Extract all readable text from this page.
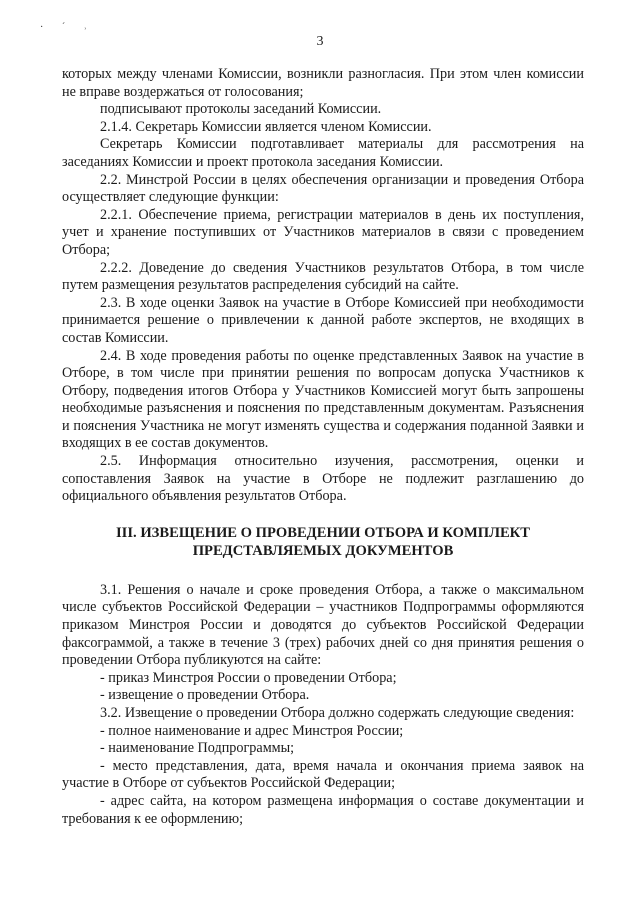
· ˊ ˒
3

которых между членами Комиссии, возникли разногласия. При этом член комиссии не вправе воздержаться от голосования;

подписывают протоколы заседаний Комиссии.

2.1.4. Секретарь Комиссии является членом Комиссии.

Секретарь Комиссии подготавливает материалы для рассмотрения на заседаниях Комиссии и проект протокола заседания Комиссии.

2.2. Минстрой России в целях обеспечения организации и проведения Отбора осуществляет следующие функции:

2.2.1. Обеспечение приема, регистрации материалов в день их поступления, учет и хранение поступивших от Участников материалов в связи с проведением Отбора;

2.2.2. Доведение до сведения Участников результатов Отбора, в том числе путем размещения результатов распределения субсидий на сайте.

2.3. В ходе оценки Заявок на участие в Отборе Комиссией при необходимости принимается решение о привлечении к данной работе экспертов, не входящих в состав Комиссии.

2.4. В ходе проведения работы по оценке представленных Заявок на участие в Отборе, в том числе при принятии решения по вопросам допуска Участников к Отбору, подведения итогов Отбора у Участников Комиссией могут быть запрошены необходимые разъяснения и пояснения по представленным документам. Разъяснения и пояснения Участника не могут изменять существа и содержания поданной Заявки и входящих в ее состав документов.

2.5. Информация относительно изучения, рассмотрения, оценки и сопоставления Заявок на участие в Отборе не подлежит разглашению до официального объявления результатов Отбора.

III. ИЗВЕЩЕНИЕ О ПРОВЕДЕНИИ ОТБОРА И КОМПЛЕКТ
ПРЕДСТАВЛЯЕМЫХ ДОКУМЕНТОВ

3.1. Решения о начале и сроке проведения Отбора, а также о максимальном числе субъектов Российской Федерации – участников Подпрограммы оформляются приказом Минстроя России и доводятся до субъектов Российской Федерации факсограммой, а также в течение 3 (трех) рабочих дней со дня принятия решения о проведении Отбора публикуются на сайте:

- приказ Минстроя России о проведении Отбора;

- извещение о проведении Отбора.

3.2. Извещение о проведении Отбора должно содержать следующие сведения:

- полное наименование и адрес Минстроя России;

- наименование Подпрограммы;

- место представления, дата, время начала и окончания приема заявок на участие в Отборе от субъектов Российской Федерации;

- адрес сайта, на котором размещена информация о составе документации и требования к ее оформлению;
